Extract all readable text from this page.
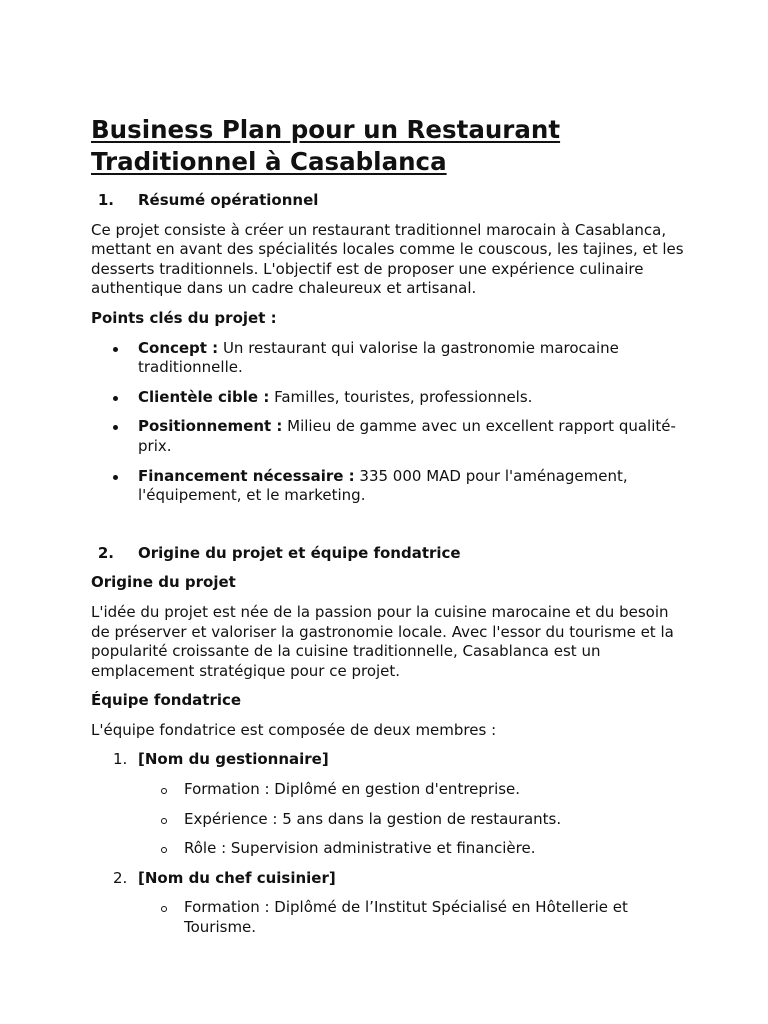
Business Plan pour un Restaurant Traditionnel à Casablanca

1. Résumé opérationnel

Ce projet consiste à créer un restaurant traditionnel marocain à Casablanca, mettant en avant des spécialités locales comme le couscous, les tajines, et les desserts traditionnels. L'objectif est de proposer une expérience culinaire authentique dans un cadre chaleureux et artisanal.

Points clés du projet :

Concept : Un restaurant qui valorise la gastronomie marocaine traditionnelle.
Clientèle cible : Familles, touristes, professionnels.
Positionnement : Milieu de gamme avec un excellent rapport qualité-prix.
Financement nécessaire : 335 000 MAD pour l'aménagement, l'équipement, et le marketing.

2. Origine du projet et équipe fondatrice

Origine du projet

L'idée du projet est née de la passion pour la cuisine marocaine et du besoin de préserver et valoriser la gastronomie locale. Avec l'essor du tourisme et la popularité croissante de la cuisine traditionnelle, Casablanca est un emplacement stratégique pour ce projet.

Équipe fondatrice

L'équipe fondatrice est composée de deux membres :

1. [Nom du gestionnaire]
Formation : Diplômé en gestion d'entreprise.
Expérience : 5 ans dans la gestion de restaurants.
Rôle : Supervision administrative et financière.
2. [Nom du chef cuisinier]
Formation : Diplômé de l’Institut Spécialisé en Hôtellerie et Tourisme.
